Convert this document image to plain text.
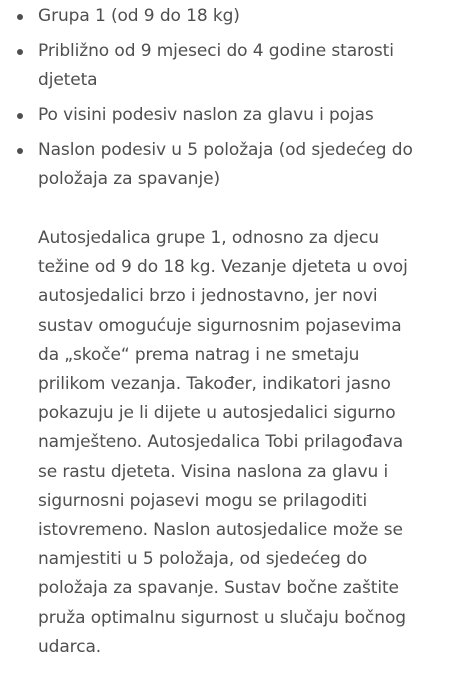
Grupa 1 (od 9 do 18 kg)
Približno od 9 mjeseci do 4 godine starosti djeteta
Po visini podesiv naslon za glavu i pojas
Naslon podesiv u 5 položaja (od sjedećeg do položaja za spavanje)

Autosjedalica grupe 1, odnosno za djecu
težine od 9 do 18 kg. Vezanje djeteta u ovoj
autosjedalici brzo i jednostavno, jer novi
sustav omogućuje sigurnosnim pojasevima
da „skoče“ prema natrag i ne smetaju
prilikom vezanja. Također, indikatori jasno
pokazuju je li dijete u autosjedalici sigurno
namješteno. Autosjedalica Tobi prilagođava
se rastu djeteta. Visina naslona za glavu i
sigurnosni pojasevi mogu se prilagoditi
istovremeno. Naslon autosjedalice može se
namjestiti u 5 položaja, od sjedećeg do
položaja za spavanje. Sustav bočne zaštite
pruža optimalnu sigurnost u slučaju bočnog
udarca.
